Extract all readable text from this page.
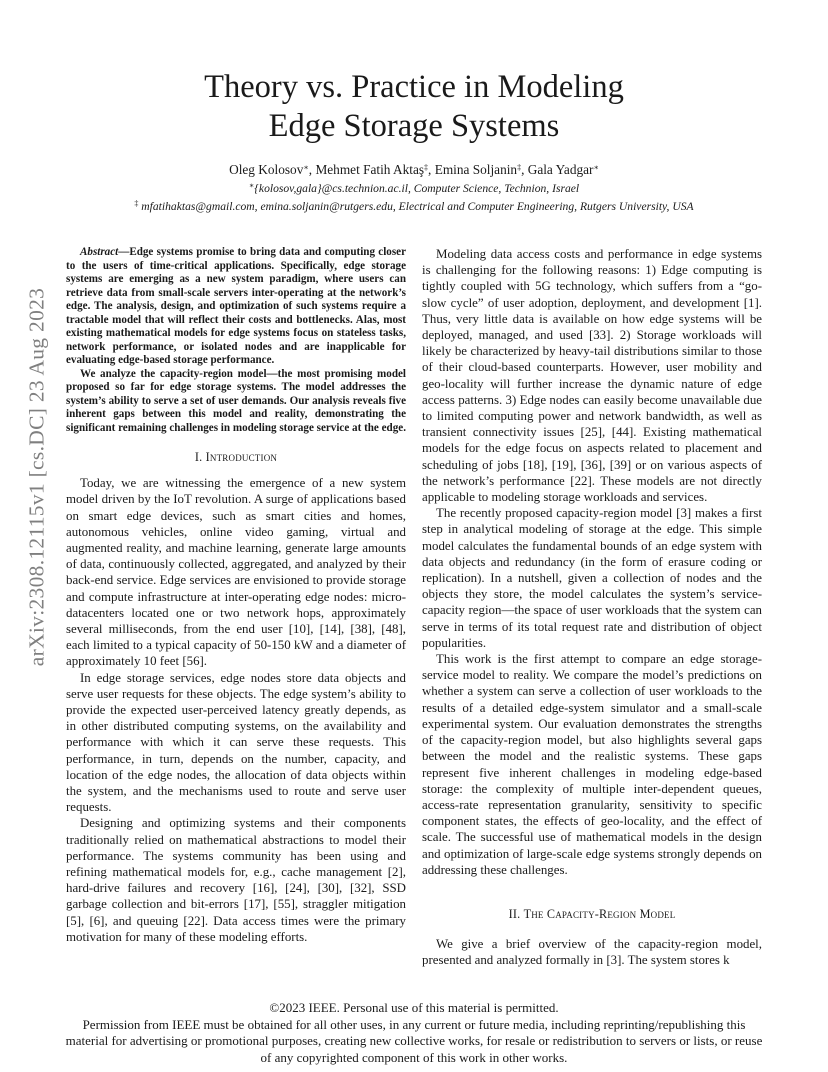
arXiv:2308.12115v1 [cs.DC] 23 Aug 2023
Theory vs. Practice in Modeling
Edge Storage Systems
Oleg Kolosov∗, Mehmet Fatih Aktaş‡, Emina Soljanin‡, Gala Yadgar∗
∗{kolosov,gala}@cs.technion.ac.il, Computer Science, Technion, Israel
‡ mfatihaktas@gmail.com, emina.soljanin@rutgers.edu, Electrical and Computer Engineering, Rutgers University, USA

Abstract—Edge systems promise to bring data and computing closer to the users of time-critical applications. Specifically, edge storage systems are emerging as a new system paradigm, where users can retrieve data from small-scale servers inter-operating at the network’s edge. The analysis, design, and optimization of such systems require a tractable model that will reflect their costs and bottlenecks. Alas, most existing mathematical models for edge systems focus on stateless tasks, network performance, or isolated nodes and are inapplicable for evaluating edge-based storage performance.

We analyze the capacity-region model—the most promising model proposed so far for edge storage systems. The model addresses the system’s ability to serve a set of user demands. Our analysis reveals five inherent gaps between this model and reality, demonstrating the significant remaining challenges in modeling storage service at the edge.

I. Introduction

Today, we are witnessing the emergence of a new system model driven by the IoT revolution. A surge of applications based on smart edge devices, such as smart cities and homes, autonomous vehicles, online video gaming, virtual and augmented reality, and machine learning, generate large amounts of data, continuously collected, aggregated, and analyzed by their back-end service. Edge services are envisioned to provide storage and compute infrastructure at inter-operating edge nodes: micro-datacenters located one or two network hops, approximately several milliseconds, from the end user [10], [14], [38], [48], each limited to a typical capacity of 50-150 kW and a diameter of approximately 10 feet [56].

In edge storage services, edge nodes store data objects and serve user requests for these objects. The edge system’s ability to provide the expected user-perceived latency greatly depends, as in other distributed computing systems, on the availability and performance with which it can serve these requests. This performance, in turn, depends on the number, capacity, and location of the edge nodes, the allocation of data objects within the system, and the mechanisms used to route and serve user requests.

Designing and optimizing systems and their components traditionally relied on mathematical abstractions to model their performance. The systems community has been using and refining mathematical models for, e.g., cache management [2], hard-drive failures and recovery [16], [24], [30], [32], SSD garbage collection and bit-errors [17], [55], straggler mitigation [5], [6], and queuing [22]. Data access times were the primary motivation for many of these modeling efforts.

Modeling data access costs and performance in edge systems is challenging for the following reasons: 1) Edge computing is tightly coupled with 5G technology, which suffers from a “go-slow cycle” of user adoption, deployment, and development [1]. Thus, very little data is available on how edge systems will be deployed, managed, and used [33]. 2) Storage workloads will likely be characterized by heavy-tail distributions similar to those of their cloud-based counterparts. However, user mobility and geo-locality will further increase the dynamic nature of edge access patterns. 3) Edge nodes can easily become unavailable due to limited computing power and network bandwidth, as well as transient connectivity issues [25], [44]. Existing mathematical models for the edge focus on aspects related to placement and scheduling of jobs [18], [19], [36], [39] or on various aspects of the network’s performance [22]. These models are not directly applicable to modeling storage workloads and services.

The recently proposed capacity-region model [3] makes a first step in analytical modeling of storage at the edge. This simple model calculates the fundamental bounds of an edge system with data objects and redundancy (in the form of erasure coding or replication). In a nutshell, given a collection of nodes and the objects they store, the model calculates the system’s service-capacity region—the space of user workloads that the system can serve in terms of its total request rate and distribution of object popularities.

This work is the first attempt to compare an edge storage-service model to reality. We compare the model’s predictions on whether a system can serve a collection of user workloads to the results of a detailed edge-system simulator and a small-scale experimental system. Our evaluation demonstrates the strengths of the capacity-region model, but also highlights several gaps between the model and the realistic systems. These gaps represent five inherent challenges in modeling edge-based storage: the complexity of multiple inter-dependent queues, access-rate representation granularity, sensitivity to specific component states, the effects of geo-locality, and the effect of scale. The successful use of mathematical models in the design and optimization of large-scale edge systems strongly depends on addressing these challenges.

II. The Capacity-Region Model

We give a brief overview of the capacity-region model, presented and analyzed formally in [3]. The system stores k

©2023 IEEE. Personal use of this material is permitted.
Permission from IEEE must be obtained for all other uses, in any current or future media, including reprinting/republishing this material for advertising or promotional purposes, creating new collective works, for resale or redistribution to servers or lists, or reuse of any copyrighted component of this work in other works.
